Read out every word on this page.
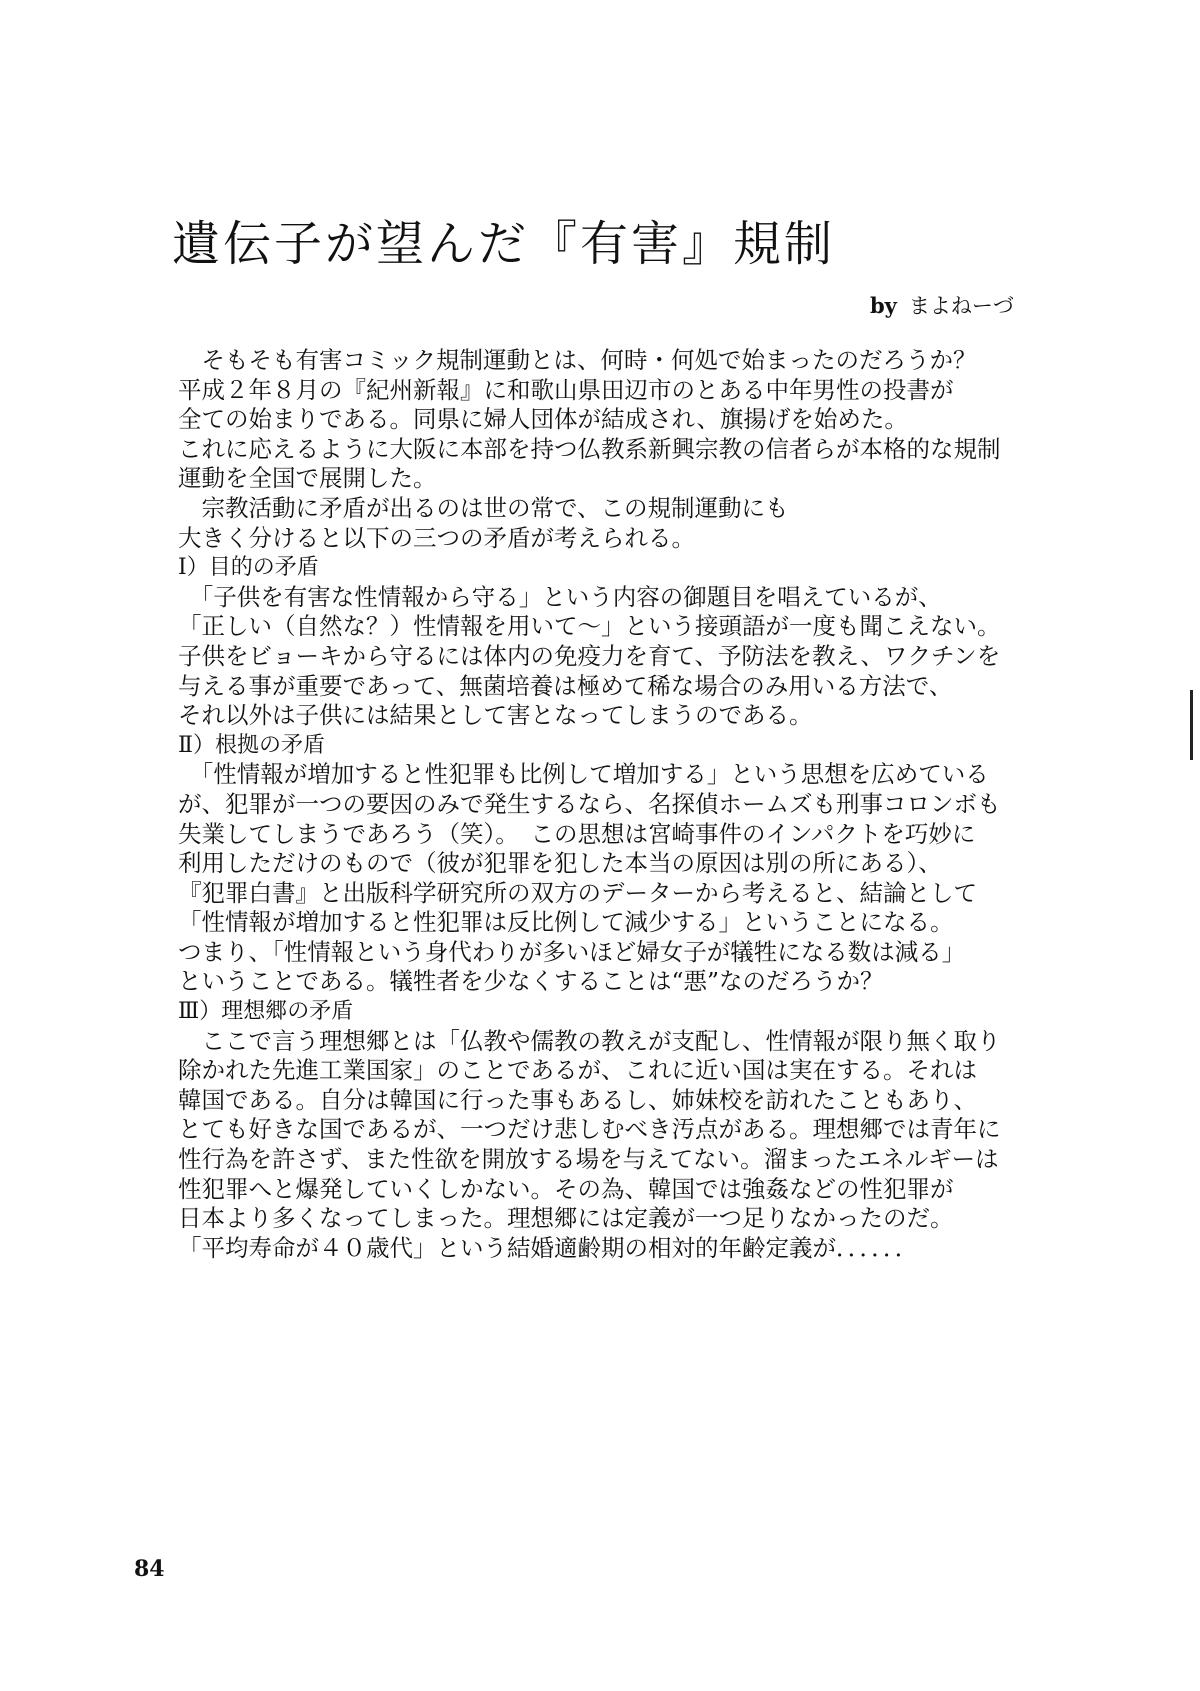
遺伝子が望んだ『有害』規制
by まよねーづ
　そもそも有害コミック規制運動とは、何時・何処で始まったのだろうか？
平成２年８月の『紀州新報』に和歌山県田辺市のとある中年男性の投書が
全ての始まりである。同県に婦人団体が結成され、旗揚げを始めた。
これに応えるように大阪に本部を持つ仏教系新興宗教の信者らが本格的な規制
運動を全国で展開した。
　宗教活動に矛盾が出るのは世の常で、この規制運動にも
大きく分けると以下の三つの矛盾が考えられる。
Ⅰ）目的の矛盾
　「子供を有害な性情報から守る」という内容の御題目を唱えているが、
「正しい（自然な？）性情報を用いて～」という接頭語が一度も聞こえない。
子供をビョーキから守るには体内の免疫力を育て、予防法を教え、ワクチンを
与える事が重要であって、無菌培養は極めて稀な場合のみ用いる方法で、
それ以外は子供には結果として害となってしまうのである。
Ⅱ）根拠の矛盾
　「性情報が増加すると性犯罪も比例して増加する」という思想を広めている
が、犯罪が一つの要因のみで発生するなら、名探偵ホームズも刑事コロンボも
失業してしまうであろう（笑）。　この思想は宮崎事件のインパクトを巧妙に
利用しただけのもので（彼が犯罪を犯した本当の原因は別の所にある）、
『犯罪白書』と出版科学研究所の双方のデーターから考えると、結論として
「性情報が増加すると性犯罪は反比例して減少する」ということになる。
つまり、「性情報という身代わりが多いほど婦女子が犠牲になる数は減る」
ということである。犠牲者を少なくすることは“悪”なのだろうか？
Ⅲ）理想郷の矛盾
　ここで言う理想郷とは「仏教や儒教の教えが支配し、性情報が限り無く取り
除かれた先進工業国家」のことであるが、これに近い国は実在する。それは
韓国である。自分は韓国に行った事もあるし、姉妹校を訪れたこともあり、
とても好きな国であるが、一つだけ悲しむべき汚点がある。理想郷では青年に
性行為を許さず、また性欲を開放する場を与えてない。溜まったエネルギーは
性犯罪へと爆発していくしかない。その為、韓国では強姦などの性犯罪が
日本より多くなってしまった。理想郷には定義が一つ足りなかったのだ。
「平均寿命が４０歳代」という結婚適齢期の相対的年齢定義が．．．．．．
84
